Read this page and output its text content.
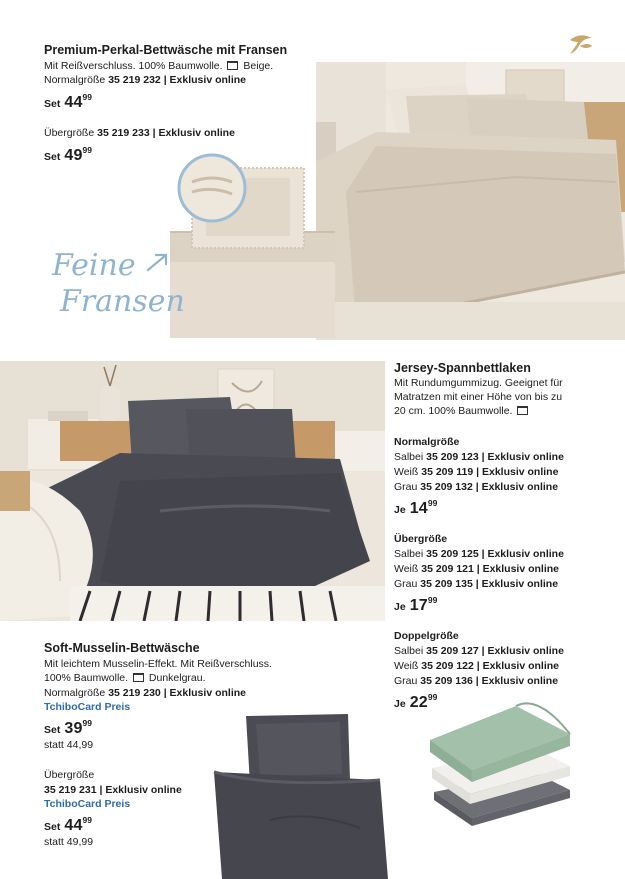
Feine
Fransen
Premium-Perkal-Bettwäsche mit Fransen
Mit Reißverschluss. 100% Baumwolle. Beige.
Normalgröße 35 219 232 | Exklusiv online
Set $44^{99}$
Übergröße 35 219 233 | Exklusiv online
Set $49^{99}$
Jersey-Spannbettlaken
Mit Rundumgummizug. Geeignet für
Matratzen mit einer Höhe von bis zu
20 cm. 100% Baumwolle.
Normalgröße
Salbei 35 209 123 | Exklusiv online
Weiß 35 209 119 | Exklusiv online
Grau 35 209 132 | Exklusiv online
Je $14^{99}$
Übergröße
Salbei 35 209 125 | Exklusiv online
Weiß 35 209 121 | Exklusiv online
Grau 35 209 135 | Exklusiv online
Je $17^{99}$
Doppelgröße
Salbei 35 209 127 | Exklusiv online
Weiß 35 209 122 | Exklusiv online
Grau 35 209 136 | Exklusiv online
Je $22^{99}$
Soft-Musselin-Bettwäsche
Mit leichtem Musselin-Effekt. Mit Reißverschluss.
100% Baumwolle. Dunkelgrau.
Normalgröße 35 219 230 | Exklusiv online
TchiboCard Preis
Set $39^{99}$
statt 44,99
Übergröße
35 219 231 | Exklusiv online
TchiboCard Preis
Set $44^{99}$
statt 49,99
